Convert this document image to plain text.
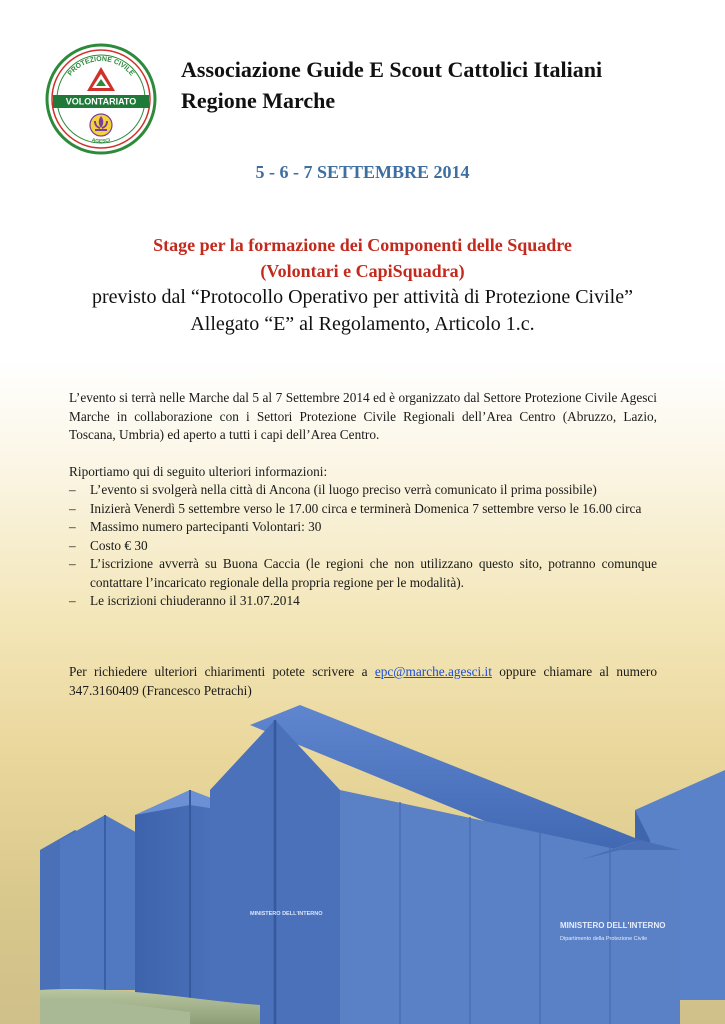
PROTEZIONE CIVILE
VOLONTARIATO
AGESCI
Associazione Guide E Scout Cattolici Italiani
Regione Marche
5 - 6 - 7 SETTEMBRE 2014
Stage per la formazione dei Componenti delle Squadre
(Volontari e CapiSquadra)
previsto dal “Protocollo Operativo per attività di Protezione Civile”
Allegato “E” al Regolamento, Articolo 1.c.
L’evento si terrà nelle Marche dal 5 al 7 Settembre 2014 ed è organizzato dal Settore Protezione Civile Agesci Marche in collaborazione con i Settori Protezione Civile Regionali dell’Area Centro (Abruzzo, Lazio, Toscana, Umbria) ed aperto a tutti i capi dell’Area Centro.
Riportiamo qui di seguito ulteriori informazioni:
–	L’evento si svolgerà nella città di Ancona (il luogo preciso verrà comunicato il prima possibile)
–	Inizierà Venerdì 5 settembre verso le 17.00 circa e terminerà Domenica 7 settembre verso le 16.00 circa
–	Massimo numero partecipanti Volontari: 30
–	Costo € 30
–	L’iscrizione avverrà su Buona Caccia (le regioni che non utilizzano questo sito, potranno comunque contattare l’incaricato regionale della propria regione per le modalità).
–	Le iscrizioni chiuderanno il 31.07.2014
Per richiedere ulteriori chiarimenti potete scrivere a epc@marche.agesci.it oppure chiamare al numero 347.3160409 (Francesco Petrachi)
MINISTERO DELL'INTERNO
Dipartimento della Protezione Civile
MINISTERO DELL'INTERNO
